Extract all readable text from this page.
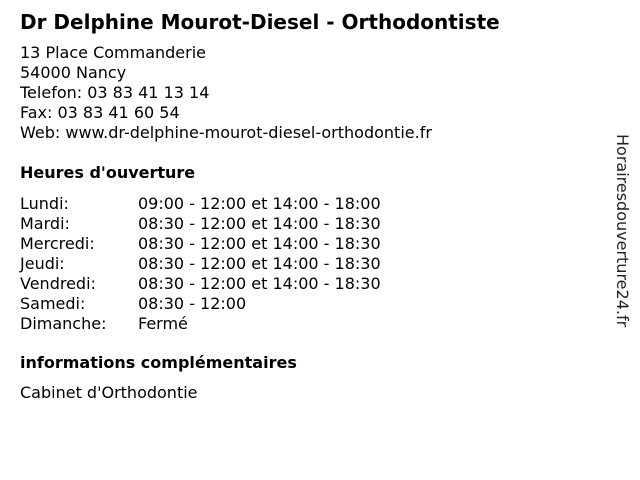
Dr Delphine Mourot-Diesel - Orthodontiste
13 Place Commanderie
54000 Nancy
Telefon: 03 83 41 13 14
Fax: 03 83 41 60 54
Web: www.dr-delphine-mourot-diesel-orthodontie.fr
Heures d'ouverture
Lundi:	09:00 - 12:00 et 14:00 - 18:00
Mardi:	08:30 - 12:00 et 14:00 - 18:30
Mercredi:	08:30 - 12:00 et 14:00 - 18:30
Jeudi:	08:30 - 12:00 et 14:00 - 18:30
Vendredi:	08:30 - 12:00 et 14:00 - 18:30
Samedi:	08:30 - 12:00
Dimanche:	Fermé
informations complémentaires
Cabinet d'Orthodontie
Horairesdouverture24.fr
